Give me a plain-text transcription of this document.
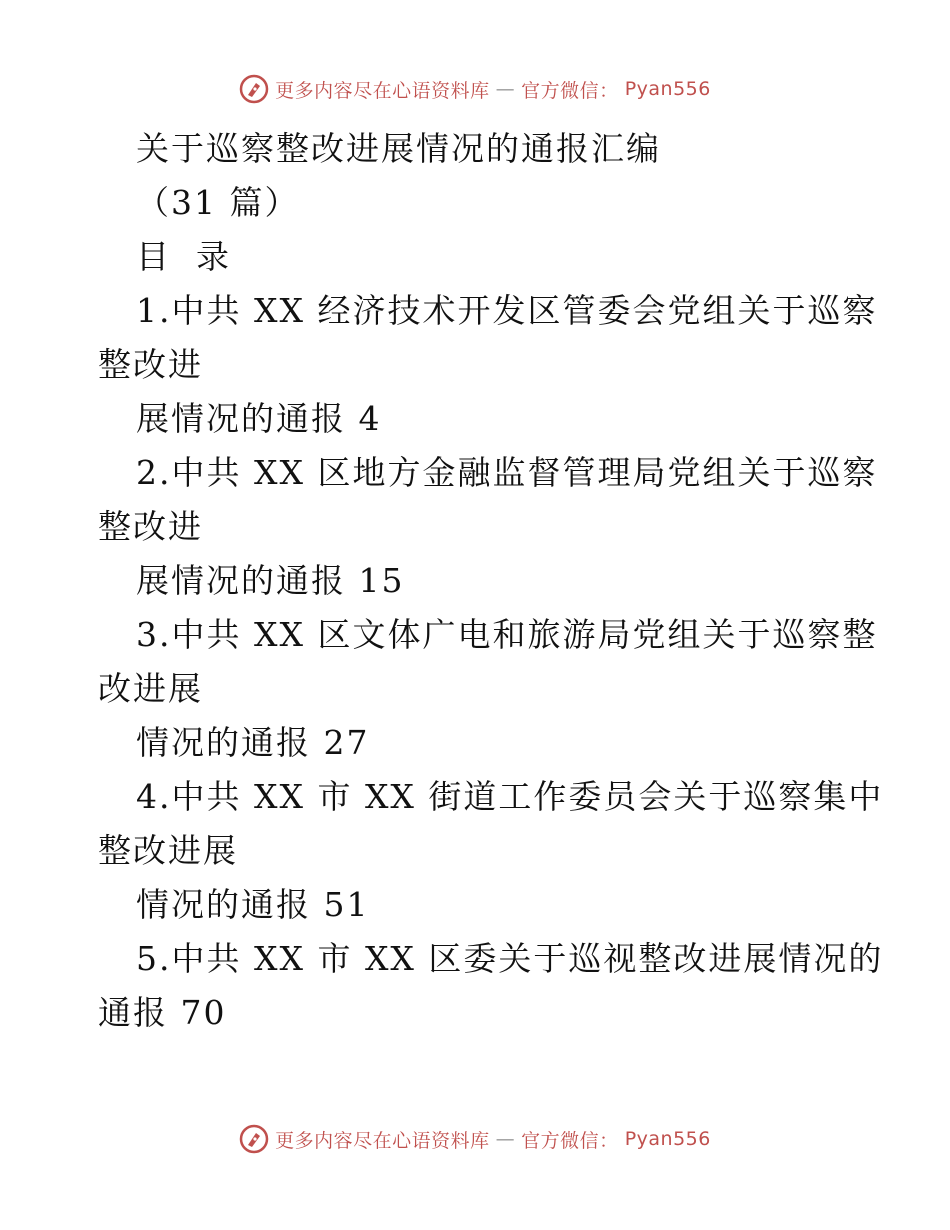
更多内容尽在心语资料库 — 官方微信： Pyan556
关于巡察整改进展情况的通报汇编
（31 篇）
目  录
1.中共 XX 经济技术开发区管委会党组关于巡察
整改进
展情况的通报 4
2.中共 XX 区地方金融监督管理局党组关于巡察
整改进
展情况的通报 15
3.中共 XX 区文体广电和旅游局党组关于巡察整
改进展
情况的通报 27
4.中共 XX 市 XX 街道工作委员会关于巡察集中
整改进展
情况的通报 51
5.中共 XX 市 XX 区委关于巡视整改进展情况的
通报 70
更多内容尽在心语资料库 — 官方微信： Pyan556
